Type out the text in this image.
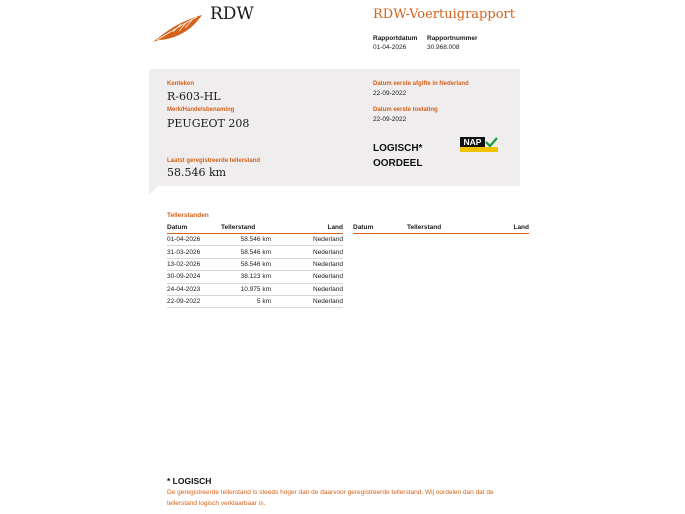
RDW	RDW-Voertuigrapport
Rapportdatum
01-04-2026
Rapportnummer
30.968.008
Kenteken
R-603-HL
Merk/Handelsbenaming
PEUGEOT 208
Laatst geregistreerde tellerstand
58.546 km
Datum eerste afgifte in Nederland
22-09-2022
Datum eerste toelating
22-09-2022
LOGISCH*
OORDEEL
NAP
Tellerstanden
Datum	Tellerstand	Land
01-04-2026	58.546 km	Nederland
31-03-2026	58.546 km	Nederland
13-02-2026	58.546 km	Nederland
30-09-2024	38.123 km	Nederland
24-04-2023	10.975 km	Nederland
22-09-2022	5 km	Nederland
Datum	Tellerstand	Land
* LOGISCH
De geregistreerde tellerstand is steeds hoger dan de daarvoor geregistreerde tellerstand. Wij oordelen dan dat de tellerstand logisch verklaarbaar is.
